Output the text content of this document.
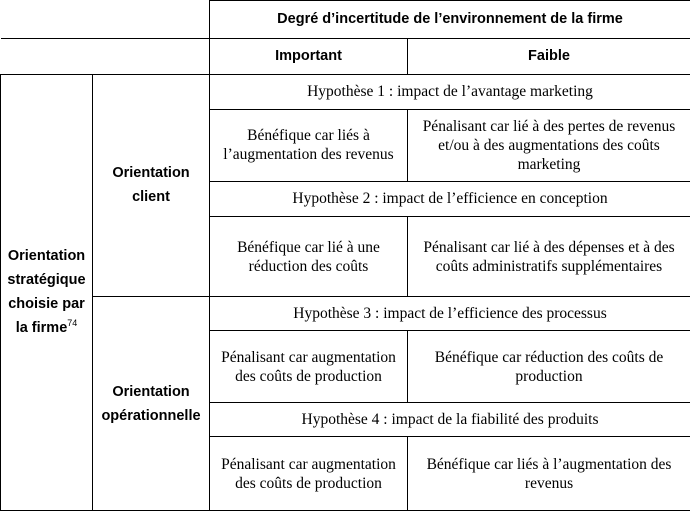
		Degré d’incertitude de l’environnement de la firme	
		Important	Faible
Orientation stratégique choisie par la firme$^{74}$	Orientation client	Hypothèse 1 : impact de l’avantage marketing	
		Bénéfique car liés à l’augmentation des revenus	Pénalisant car lié à des pertes de revenus et/ou à des augmentations des coûts marketing
		Hypothèse 2 : impact de l’efficience en conception	
		Bénéfique car lié à une réduction des coûts	Pénalisant car lié à des dépenses et à des coûts administratifs supplémentaires
	Orientation opérationnelle	Hypothèse 3 : impact de l’efficience des processus	
		Pénalisant car augmentation des coûts de production	Bénéfique car réduction des coûts de production
		Hypothèse 4 : impact de la fiabilité des produits	
		Pénalisant car augmentation des coûts de production	Bénéfique car liés à l’augmentation des revenus
